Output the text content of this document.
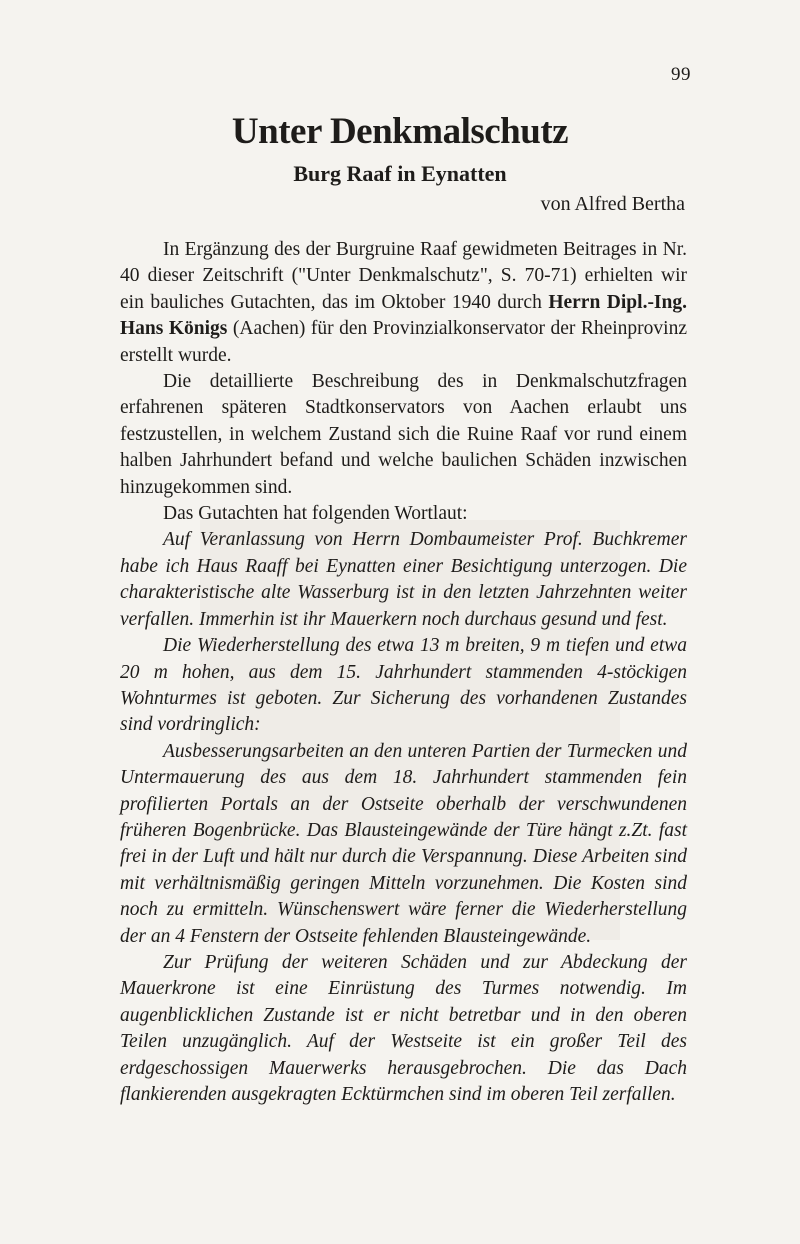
99
Unter Denkmalschutz
Burg Raaf in Eynatten
von Alfred Bertha

In Ergänzung des der Burgruine Raaf gewidmeten Beitrages in Nr. 40 dieser Zeitschrift ("Unter Denkmalschutz", S. 70-71) erhielten wir ein bauliches Gutachten, das im Oktober 1940 durch Herrn Dipl.-Ing. Hans Königs (Aachen) für den Provinzialkonservator der Rheinprovinz erstellt wurde.

Die detaillierte Beschreibung des in Denkmalschutzfragen erfahrenen späteren Stadtkonservators von Aachen erlaubt uns festzustellen, in welchem Zustand sich die Ruine Raaf vor rund einem halben Jahrhundert befand und welche baulichen Schäden inzwischen hinzugekommen sind.

Das Gutachten hat folgenden Wortlaut:

Auf Veranlassung von Herrn Dombaumeister Prof. Buchkremer habe ich Haus Raaff bei Eynatten einer Besichtigung unterzogen. Die charakteristische alte Wasserburg ist in den letzten Jahrzehnten weiter verfallen. Immerhin ist ihr Mauerkern noch durchaus gesund und fest.

Die Wiederherstellung des etwa 13 m breiten, 9 m tiefen und etwa 20 m hohen, aus dem 15. Jahrhundert stammenden 4-stöckigen Wohnturmes ist geboten. Zur Sicherung des vorhandenen Zustandes sind vordringlich:

Ausbesserungsarbeiten an den unteren Partien der Turmecken und Untermauerung des aus dem 18. Jahrhundert stammenden fein profilierten Portals an der Ostseite oberhalb der verschwundenen früheren Bogenbrücke. Das Blausteingewände der Türe hängt z.Zt. fast frei in der Luft und hält nur durch die Verspannung. Diese Arbeiten sind mit verhältnismäßig geringen Mitteln vorzunehmen. Die Kosten sind noch zu ermitteln. Wünschenswert wäre ferner die Wiederherstellung der an 4 Fenstern der Ostseite fehlenden Blausteingewände.

Zur Prüfung der weiteren Schäden und zur Abdeckung der Mauerkrone ist eine Einrüstung des Turmes notwendig. Im augenblicklichen Zustande ist er nicht betretbar und in den oberen Teilen unzugänglich. Auf der Westseite ist ein großer Teil des erdgeschossigen Mauerwerks herausgebrochen. Die das Dach flankierenden ausgekragten Ecktürmchen sind im oberen Teil zerfallen.
